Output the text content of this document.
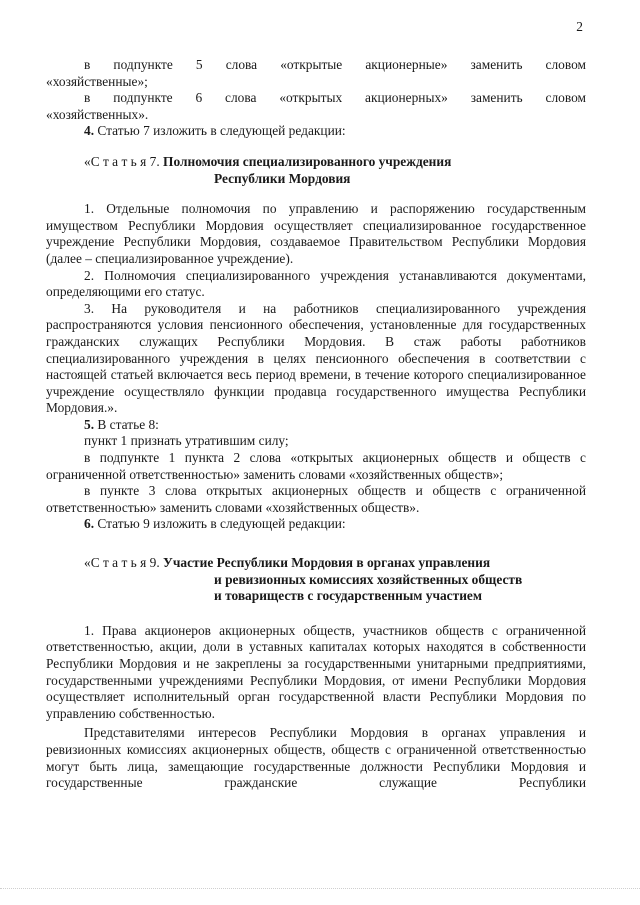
2

в подпункте 5 слова «открытые акционерные» заменить словом

«хозяйственные»;

в подпункте 6 слова «открытых акционерных» заменить словом

«хозяйственных».

4. Статью 7 изложить в следующей редакции:

«С т а т ь я 7. Полномочия специализированного учреждения
Республики Мордовия

1. Отдельные полномочия по управлению и распоряжению государственным имуществом Республики Мордовия осуществляет специализированное государственное учреждение Республики Мордовия, создаваемое Правительством Республики Мордовия (далее – специализированное учреждение).

2. Полномочия специализированного учреждения устанавливаются документами, определяющими его статус.

3. На руководителя и на работников специализированного учреждения распространяются условия пенсионного обеспечения, установленные для государственных гражданских служащих Республики Мордовия. В стаж работы работников специализированного учреждения в целях пенсионного обеспечения в соответствии с настоящей статьей включается весь период времени, в течение которого специализированное учреждение осуществляло функции продавца государственного имущества Республики Мордовия.».

5. В статье 8:

пункт 1 признать утратившим силу;

в подпункте 1 пункта 2 слова «открытых акционерных обществ и обществ с ограниченной ответственностью» заменить словами «хозяйственных обществ»;

в пункте 3 слова открытых акционерных обществ и обществ с ограниченной ответственностью» заменить словами «хозяйственных обществ».

6. Статью 9 изложить в следующей редакции:

«С т а т ь я 9. Участие Республики Мордовия в органах управления
и ревизионных комиссиях хозяйственных обществ
и товариществ с государственным участием

1. Права акционеров акционерных обществ, участников обществ с ограниченной ответственностью, акции, доли в уставных капиталах которых находятся в собственности Республики Мордовия и не закреплены за государственными унитарными предприятиями, государственными учреждениями Республики Мордовия, от имени Республики Мордовия осуществляет исполнительный орган государственной власти Республики Мордовия по управлению собственностью.

Представителями интересов Республики Мордовия в органах управления и ревизионных комиссиях акционерных обществ, обществ с ограниченной ответственностью могут быть лица, замещающие государственные должности Республики Мордовия и государственные гражданские служащие Республики
